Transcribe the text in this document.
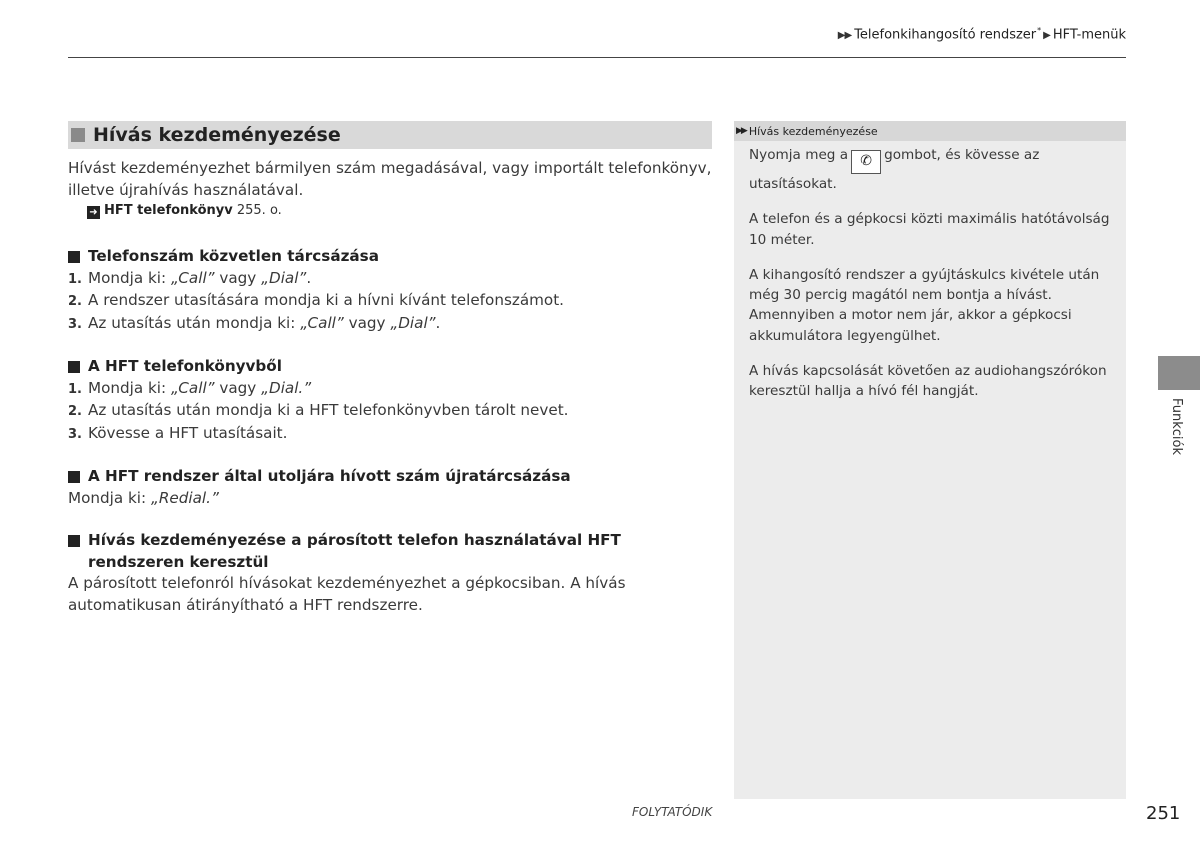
▶▶ Telefonkihangosító rendszer* ▶ HFT-menük
Hívás kezdeményezése

Hívást kezdeményezhet bármilyen szám megadásával, vagy importált telefonkönyv, illetve újrahívás használatával.

➜ HFT telefonkönyv 255. o.

Telefonszám közvetlen tárcsázása
1. Mondja ki: „Call” vagy „Dial”.
2. A rendszer utasítására mondja ki a hívni kívánt telefonszámot.
3. Az utasítás után mondja ki: „Call” vagy „Dial”.
A HFT telefonkönyvből
1. Mondja ki: „Call” vagy „Dial.”
2. Az utasítás után mondja ki a HFT telefonkönyvben tárolt nevet.
3. Kövesse a HFT utasításait.
A HFT rendszer által utoljára hívott szám újratárcsázása

Mondja ki: „Redial.”

Hívás kezdeményezése a párosított telefon használatával HFT rendszeren keresztül

A párosított telefonról hívásokat kezdeményezhet a gépkocsiban. A hívás automatikusan átirányítható a HFT rendszerre.

▶▶ Hívás kezdeményezése

Nyomja meg a ✆ gombot, és kövesse az utasításokat.

A telefon és a gépkocsi közti maximális hatótávolság 10 méter.

A kihangosító rendszer a gyújtáskulcs kivétele után még 30 percig magától nem bontja a hívást. Amennyiben a motor nem jár, akkor a gépkocsi akkumulátora legyengülhet.

A hívás kapcsolását követően az audiohangszórókon keresztül hallja a hívó fél hangját.

Funkciók
FOLYTATÓDIK	251
